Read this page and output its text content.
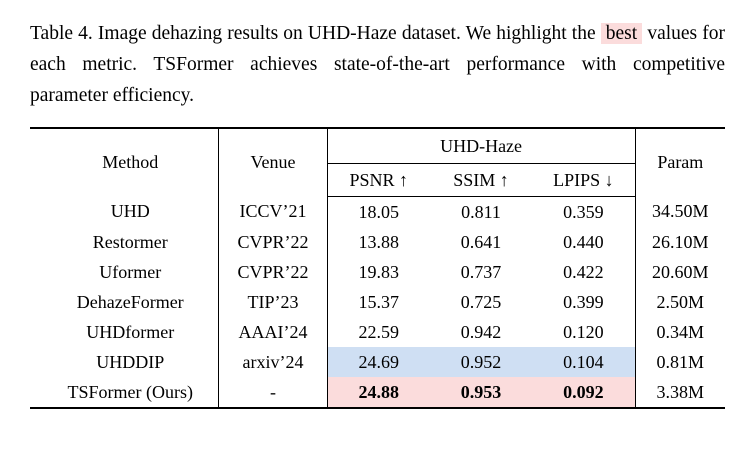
Table 4. Image dehazing results on UHD-Haze dataset. We highlight the best values for each metric. TSFormer achieves state-of-the-art performance with competitive parameter efficiency.

Method	Venue	UHD-Haze			Param
		PSNR ↑	SSIM ↑	LPIPS ↓	
UHD	ICCV’21	18.05	0.811	0.359	34.50M
Restormer	CVPR’22	13.88	0.641	0.440	26.10M
Uformer	CVPR’22	19.83	0.737	0.422	20.60M
DehazeFormer	TIP’23	15.37	0.725	0.399	2.50M
UHDformer	AAAI’24	22.59	0.942	0.120	0.34M
UHDDIP	arxiv’24	24.69	0.952	0.104	0.81M
TSFormer (Ours)	-	24.88	0.953	0.092	3.38M
